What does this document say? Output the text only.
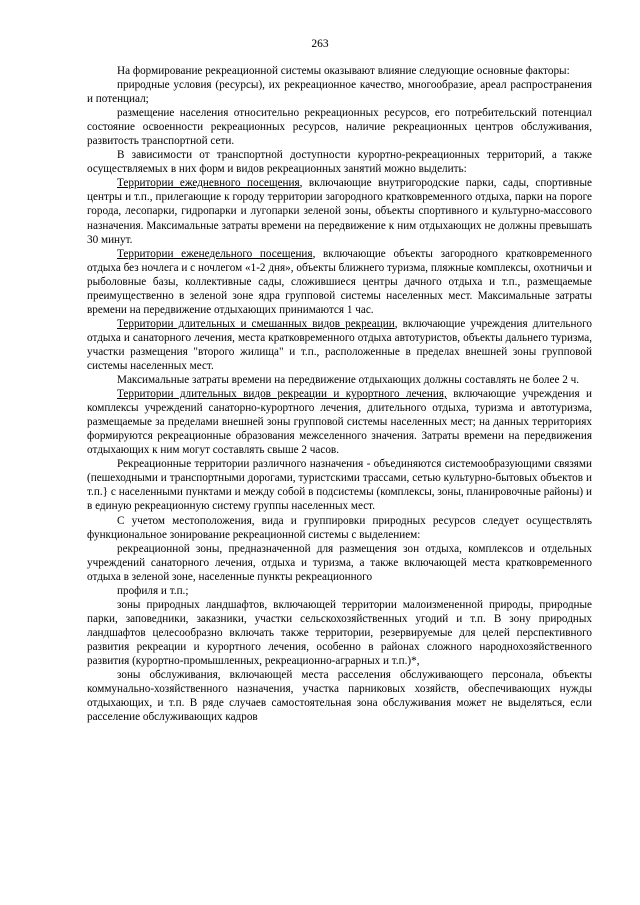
263

На формирование рекреационной системы оказывают влияние следующие основные факторы:

природные условия (ресурсы), их рекреационное качество, многообразие, ареал распространения и потенциал;

размещение населения относительно рекреационных ресурсов, его потребительский потенциал состояние освоенности рекреационных ресурсов, наличие рекреационных центров обслуживания, развитость транспортной сети.

В зависимости от транспортной доступности курортно-рекреационных территорий, а также осуществляемых в них форм и видов рекреационных занятий можно выделить:

Территории ежедневного посещения, включающие внутригородские парки, сады, спортивные центры и т.п., прилегающие к городу территории загородного кратковременного отдыха, парки на пороге города, лесопарки, гидропарки и лугопарки зеленой зоны, объекты спортивного и культурно-массового назначения. Максимальные затраты времени на передвижение к ним отдыхающих не должны превышать 30 минут.

Территории еженедельного посещения, включающие объекты загородного кратковременного отдыха без ночлега и с ночлегом «1-2 дня», объекты ближнего туризма, пляжные комплексы, охотничьи и рыболовные базы, коллективные сады, сложившиеся центры дачного отдыха и т.п., размещаемые преимущественно в зеленой зоне ядра групповой системы населенных мест. Максимальные затраты времени на передвижение отдыхающих принимаются 1 час.

Территории длительных и смешанных видов рекреации, включающие учреждения длительного отдыха и санаторного лечения, места кратковременного отдыха автотуристов, объекты дальнего туризма, участки размещения "второго жилища" и т.п., расположенные в пределах внешней зоны групповой системы населенных мест.

Максимальные затраты времени на передвижение отдыхающих должны составлять не более 2 ч.

Территории длительных видов рекреации и курортного лечения, включающие учреждения и комплексы учреждений санаторно-курортного лечения, длительного отдыха, туризма и автотуризма, размещаемые за пределами внешней зоны групповой системы населенных мест; на данных территориях формируются рекреационные образования межселенного значения. Затраты времени на передвижения отдыхающих к ним могут составлять свыше 2 часов.

Рекреационные территории различного назначения - объединяются системообразующими связями (пешеходными и транспортными дорогами, туристскими трассами, сетью культурно-бытовых объектов и т.п.} с населенными пунктами и между собой в подсистемы (комплексы, зоны, планировочные районы) и в единую рекреационную систему группы населенных мест.

С учетом местоположения, вида и группировки природных ресурсов следует осуществлять функциональное зонирование рекреационной системы с выделением:

рекреационной зоны, предназначенной для размещения зон отдыха, комплексов и отдельных учреждений санаторного лечения, отдыха и туризма, а также включающей места кратковременного отдыха в зеленой зоне, населенные пункты рекреационного

профиля и т.п.;

зоны природных ландшафтов, включающей территории малоизмененной природы, природные парки, заповедники, заказники, участки сельскохозяйственных угодий и т.п. В зону природных ландшафтов целесообразно включать также территории, резервируемые для целей перспективного развития рекреации и курортного лечения, особенно в районах сложного народнохозяйственного развития (курортно-промышленных, рекреационно-аграрных и т.п.)*,

зоны обслуживания, включающей места расселения обслуживающего персонала, объекты коммунально-хозяйственного назначения, участка парниковых хозяйств, обеспечивающих нужды отдыхающих, и т.п. В ряде случаев самостоятельная зона обслуживания может не выделяться, если расселение обслуживающих кадров
